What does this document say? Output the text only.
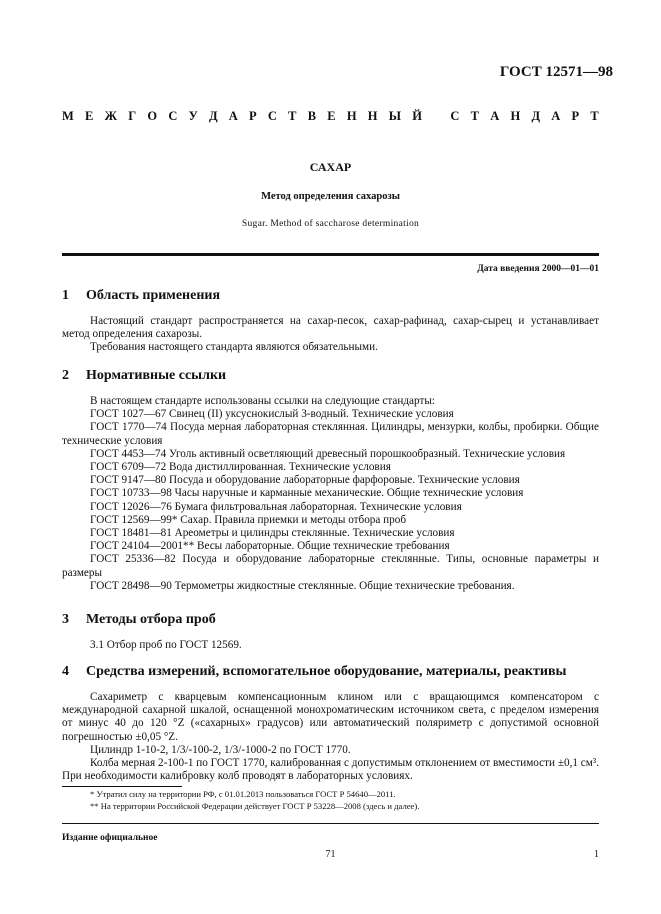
ГОСТ 12571—98
М Е Ж Г О С У Д А Р С Т В Е Н Н Ы Й С Т А Н Д А Р Т
САХАР
Метод определения сахарозы
Sugar. Method of saccharose determination
Дата введения 2000—01—01
1 Область применения

Настоящий стандарт распространяется на сахар-песок, сахар-рафинад, сахар-сырец и устанавливает метод определения сахарозы.

Требования настоящего стандарта являются обязательными.

2 Нормативные ссылки

В настоящем стандарте использованы ссылки на следующие стандарты:

ГОСТ 1027—67 Свинец (II) уксуснокислый 3-водный. Технические условия

ГОСТ 1770—74 Посуда мерная лабораторная стеклянная. Цилиндры, мензурки, колбы, пробирки. Общие технические условия

ГОСТ 4453—74 Уголь активный осветляющий древесный порошкообразный. Технические условия

ГОСТ 6709—72 Вода дистиллированная. Технические условия

ГОСТ 9147—80 Посуда и оборудование лабораторные фарфоровые. Технические условия

ГОСТ 10733—98 Часы наручные и карманные механические. Общие технические условия

ГОСТ 12026—76 Бумага фильтровальная лабораторная. Технические условия

ГОСТ 12569—99* Сахар. Правила приемки и методы отбора проб

ГОСТ 18481—81 Ареометры и цилиндры стеклянные. Технические условия

ГОСТ 24104—2001** Весы лабораторные. Общие технические требования

ГОСТ 25336—82 Посуда и оборудование лабораторные стеклянные. Типы, основные параметры и размеры

ГОСТ 28498—90 Термометры жидкостные стеклянные. Общие технические требования.

3 Методы отбора проб

3.1 Отбор проб по ГОСТ 12569.

4 Средства измерений, вспомогательное оборудование, материалы, реактивы

Сахариметр с кварцевым компенсационным клином или с вращающимся компенсатором с международной сахарной шкалой, оснащенной монохроматическим источником света, с пределом измерения от минус 40 до 120 °Z («сахарных» градусов) или автоматический поляриметр с допустимой основной погрешностью ±0,05 °Z.

Цилиндр 1-10-2, 1/3/-100-2, 1/3/-1000-2 по ГОСТ 1770.

Колба мерная 2-100-1 по ГОСТ 1770, калиброванная с допустимым отклонением от вместимости ±0,1 см³. При необходимости калибровку колб проводят в лабораторных условиях.

* Утратил силу на территории РФ, с 01.01.2013 пользоваться ГОСТ Р 54640—2011.

** На территории Российской Федерации действует ГОСТ Р 53228—2008 (здесь и далее).

Издание официальное
71	1
